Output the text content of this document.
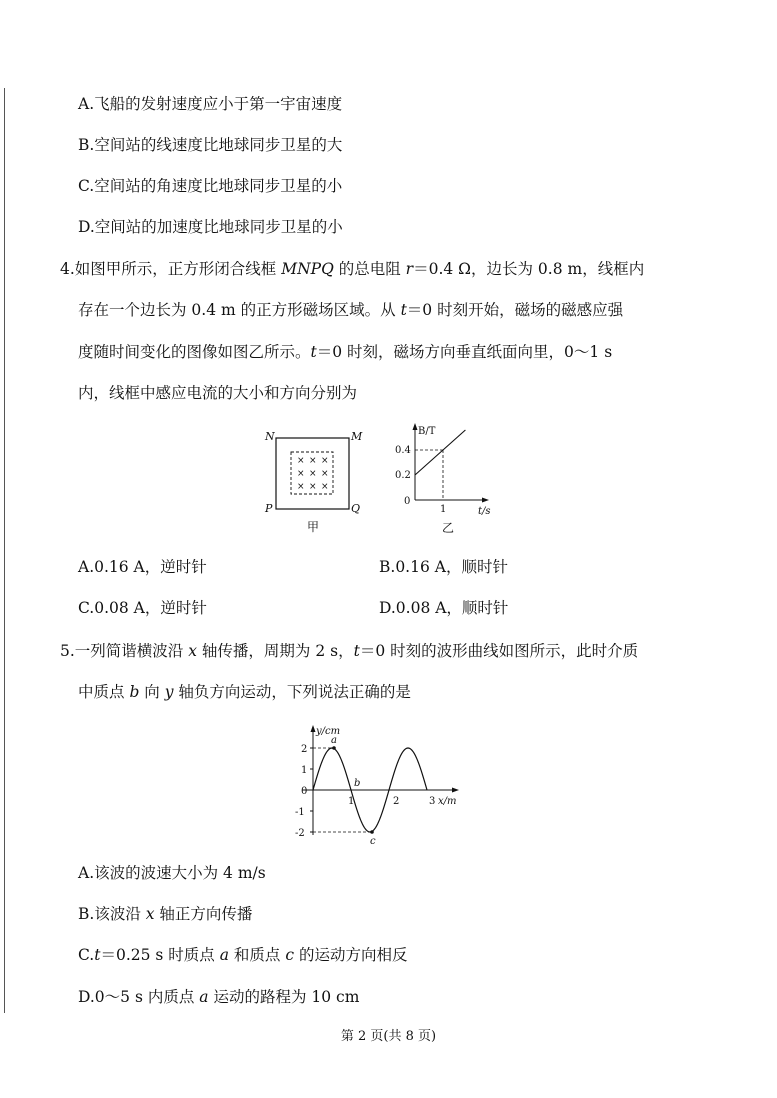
A.飞船的发射速度应小于第一宇宙速度
B.空间站的线速度比地球同步卫星的大
C.空间站的角速度比地球同步卫星的小
D.空间站的加速度比地球同步卫星的小
4.如图甲所示，正方形闭合线框 MNPQ 的总电阻 r＝0.4 Ω，边长为 0.8 m，线框内
存在一个边长为 0.4 m 的正方形磁场区域。从 t＝0 时刻开始，磁场的磁感应强
度随时间变化的图像如图乙所示。t＝0 时刻，磁场方向垂直纸面向里，0～1 s
内，线框中感应电流的大小和方向分别为
× × ×
× × ×
× × ×
N	M
P	Q
甲
B/T
0.4
0.2
0
1	t/s
乙
A.0.16 A，逆时针	B.0.16 A，顺时针
C.0.08 A，逆时针	D.0.08 A，顺时针
5.一列简谐横波沿 x 轴传播，周期为 2 s，t＝0 时刻的波形曲线如图所示，此时介质
中质点 b 向 y 轴负方向运动，下列说法正确的是
y/cm
2
1
0
-1
-2
1	2	3 x/m
a
b
c
A.该波的波速大小为 4 m/s
B.该波沿 x 轴正方向传播
C.t＝0.25 s 时质点 a 和质点 c 的运动方向相反
D.0～5 s 内质点 a 运动的路程为 10 cm
第 2 页(共 8 页)
